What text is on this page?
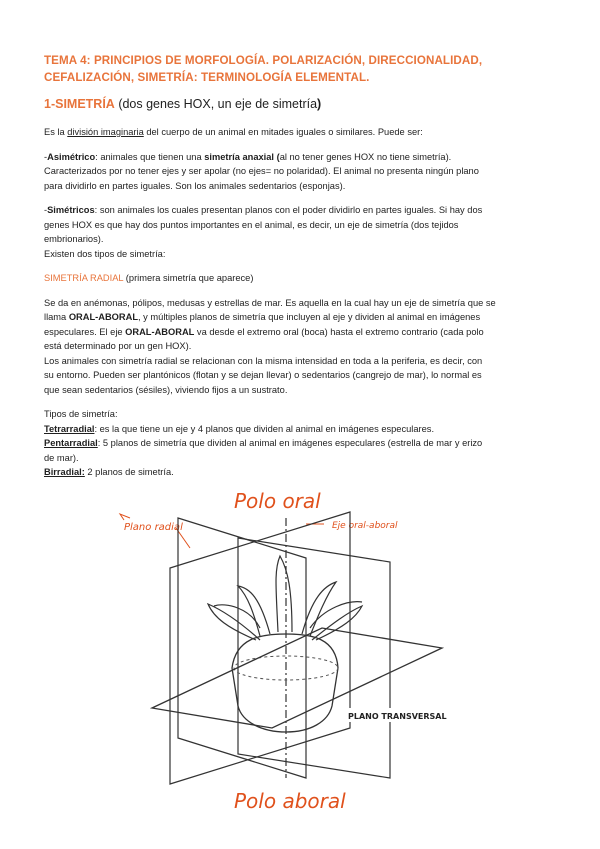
TEMA 4: PRINCIPIOS DE MORFOLOGÍA. POLARIZACIÓN, DIRECCIONALIDAD,
CEFALIZACIÓN, SIMETRÍA: TERMINOLOGÍA ELEMENTAL.
1-SIMETRÍA (dos genes HOX, un eje de simetría)

Es la división imaginaria del cuerpo de un animal en mitades iguales o similares. Puede ser:

-Asimétrico: animales que tienen una simetría anaxial (al no tener genes HOX no tiene simetría).
Caracterizados por no tener ejes y ser apolar (no ejes= no polaridad). El animal no presenta ningún plano
para dividirlo en partes iguales. Son los animales sedentarios (esponjas).

-Simétricos: son animales los cuales presentan planos con el poder dividirlo en partes iguales. Si hay dos
genes HOX es que hay dos puntos importantes en el animal, es decir, un eje de simetría (dos tejidos
embrionarios).
Existen dos tipos de simetría:

SIMETRÍA RADIAL (primera simetría que aparece)

Se da en anémonas, pólipos, medusas y estrellas de mar. Es aquella en la cual hay un eje de simetría que se
llama ORAL-ABORAL, y múltiples planos de simetría que incluyen al eje y dividen al animal en imágenes
especulares. El eje ORAL-ABORAL va desde el extremo oral (boca) hasta el extremo contrario (cada polo
está determinado por un gen HOX).
Los animales con simetría radial se relacionan con la misma intensidad en toda a la periferia, es decir, con
su entorno. Pueden ser plantónicos (flotan y se dejan llevar) o sedentarios (cangrejo de mar), lo normal es
que sean sedentarios (sésiles), viviendo fijos a un sustrato.

Tipos de simetría:
Tetrarradial: es la que tiene un eje y 4 planos que dividen al animal en imágenes especulares.
Pentarradial: 5 planos de simetría que dividen al animal en imágenes especulares (estrella de mar y erizo
de mar).
Birradial: 2 planos de simetría.

Polo oral
Plano radial	Eje oral-aboral
Polo aboral
PLANO TRANSVERSAL
